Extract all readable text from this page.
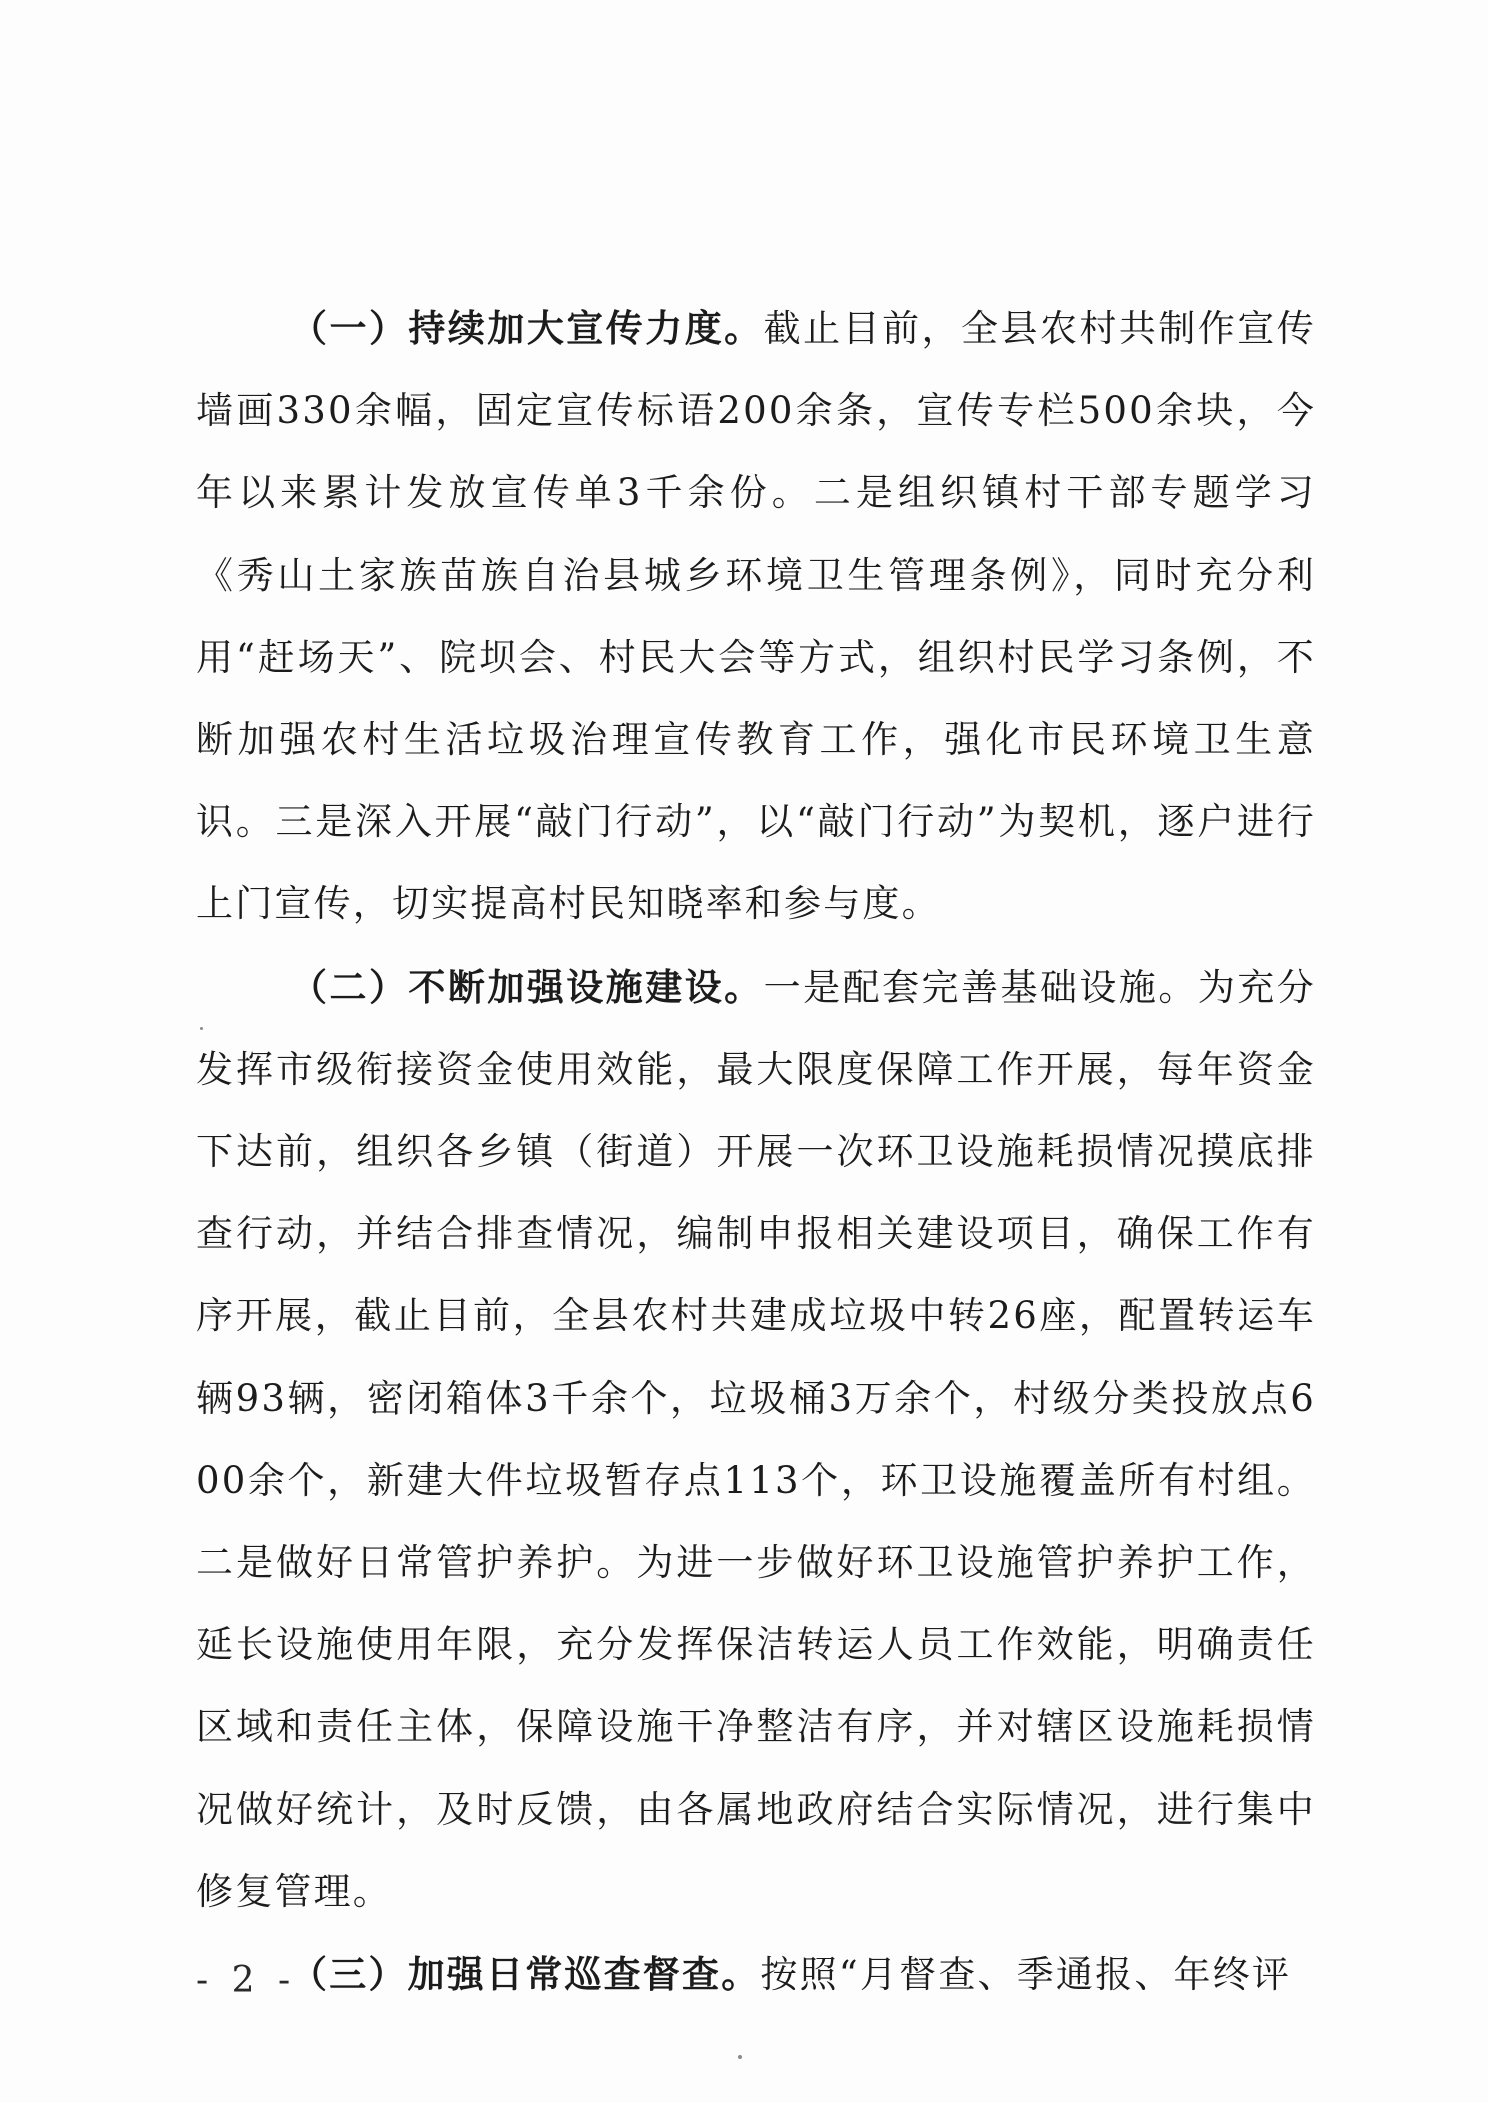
（一）持续加大宣传力度。截止目前，全县农村共制作宣传墙画330余幅，固定宣传标语200余条，宣传专栏500余块，今年以来累计发放宣传单3千余份。二是组织镇村干部专题学习《秀山土家族苗族自治县城乡环境卫生管理条例》，同时充分利用“赶场天”、院坝会、村民大会等方式，组织村民学习条例，不断加强农村生活垃圾治理宣传教育工作，强化市民环境卫生意识。三是深入开展“敲门行动”，以“敲门行动”为契机，逐户进行上门宣传，切实提高村民知晓率和参与度。

（二）不断加强设施建设。一是配套完善基础设施。为充分发挥市级衔接资金使用效能，最大限度保障工作开展，每年资金下达前，组织各乡镇（街道）开展一次环卫设施耗损情况摸底排查行动，并结合排查情况，编制申报相关建设项目，确保工作有序开展，截止目前，全县农村共建成垃圾中转26座，配置转运车辆93辆，密闭箱体3千余个，垃圾桶3万余个，村级分类投放点600余个，新建大件垃圾暂存点113个，环卫设施覆盖所有村组。二是做好日常管护养护。为进一步做好环卫设施管护养护工作，延长设施使用年限，充分发挥保洁转运人员工作效能，明确责任区域和责任主体，保障设施干净整洁有序，并对辖区设施耗损情况做好统计，及时反馈，由各属地政府结合实际情况，进行集中修复管理。

（三）加强日常巡查督查。按照“月督查、季通报、年终评

- 2 -
